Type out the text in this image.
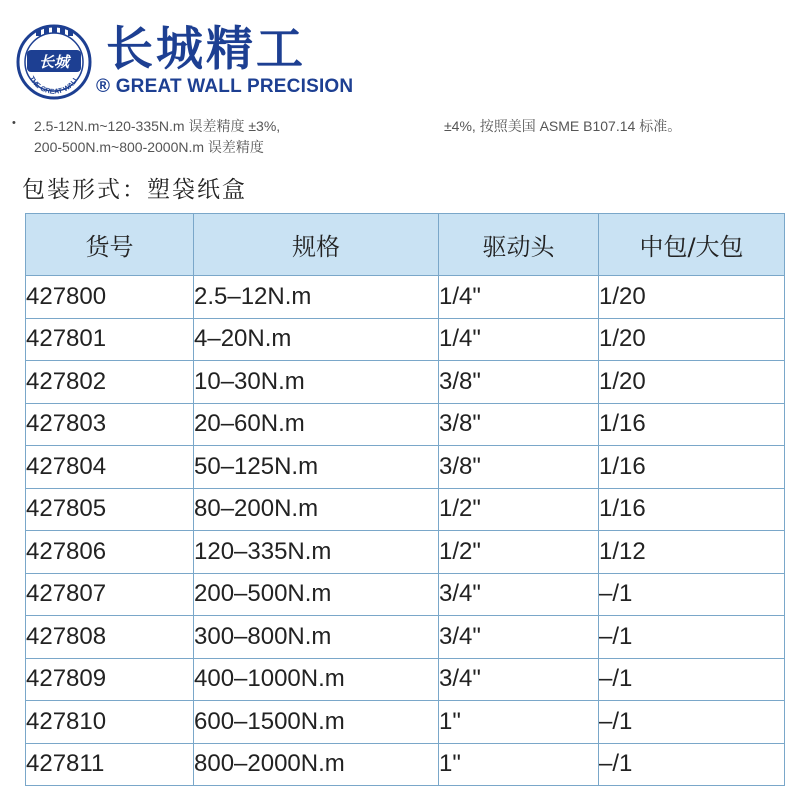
长城
THE GREAT WALL
长城精工
® GREAT WALL PRECISION
• 2.5-12N.m~120-335N.m 误差精度 ±3%,	±4%, 按照美国 ASME B107.14 标准。
200-500N.m~800-2000N.m 误差精度
包装形式：塑袋纸盒
货号	规格	驱动头	中包/大包
427800	2.5–12N.m	1/4"	1/20
427801	4–20N.m	1/4"	1/20
427802	10–30N.m	3/8"	1/20
427803	20–60N.m	3/8"	1/16
427804	50–125N.m	3/8"	1/16
427805	80–200N.m	1/2"	1/16
427806	120–335N.m	1/2"	1/12
427807	200–500N.m	3/4"	–/1
427808	300–800N.m	3/4"	–/1
427809	400–1000N.m	3/4"	–/1
427810	600–1500N.m	1"	–/1
427811	800–2000N.m	1"	–/1
